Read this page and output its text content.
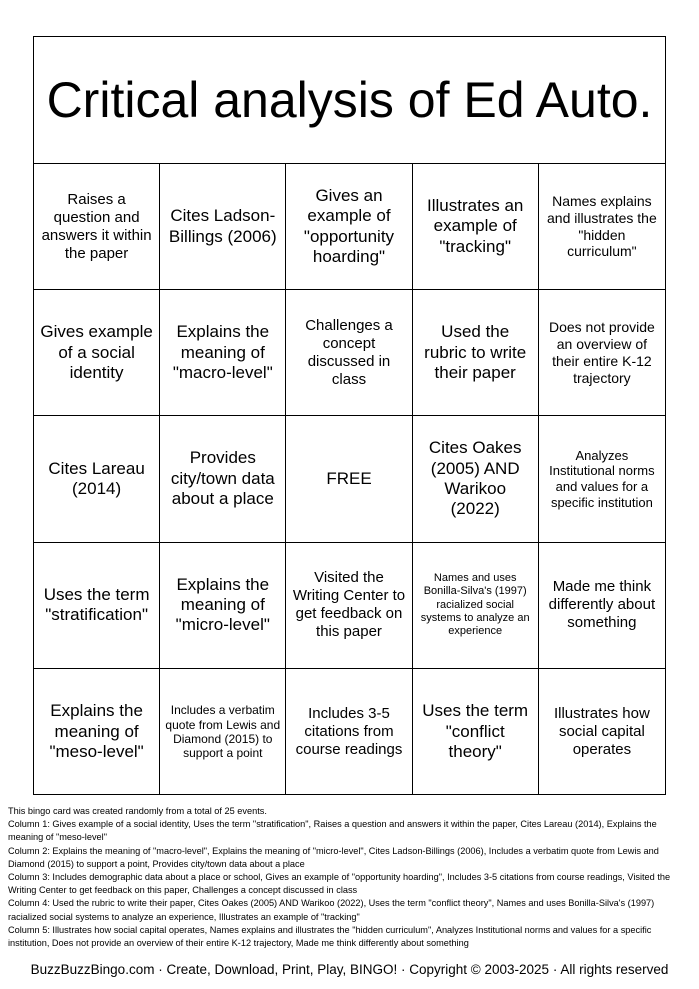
Critical analysis of Ed Auto.
Raises a question and answers it within the paper
Cites Ladson-Billings (2006)
Gives an example of "opportunity hoarding"
Illustrates an example of "tracking"
Names explains and illustrates the "hidden curriculum"
Gives example of a social identity
Explains the meaning of "macro-level"
Challenges a concept discussed in class
Used the rubric to write their paper
Does not provide an overview of their entire K-12 trajectory
Cites Lareau (2014)
Provides city/town data about a place
FREE
Cites Oakes (2005) AND Warikoo (2022)
Analyzes Institutional norms and values for a specific institution
Uses the term "stratification"
Explains the meaning of "micro-level"
Visited the Writing Center to get feedback on this paper
Names and uses Bonilla-Silva's (1997) racialized social systems to analyze an experience
Made me think differently about something
Explains the meaning of "meso-level"
Includes a verbatim quote from Lewis and Diamond (2015) to support a point
Includes 3-5 citations from course readings
Uses the term "conflict theory"
Illustrates how social capital operates

This bingo card was created randomly from a total of 25 events.

Column 1: Gives example of a social identity, Uses the term "stratification", Raises a question and answers it within the paper, Cites Lareau (2014), Explains the meaning of "meso-level"

Column 2: Explains the meaning of "macro-level", Explains the meaning of "micro-level", Cites Ladson-Billings (2006), Includes a verbatim quote from Lewis and Diamond (2015) to support a point, Provides city/town data about a place

Column 3: Includes demographic data about a place or school, Gives an example of "opportunity hoarding", Includes 3-5 citations from course readings, Visited the Writing Center to get feedback on this paper, Challenges a concept discussed in class

Column 4: Used the rubric to write their paper, Cites Oakes (2005) AND Warikoo (2022), Uses the term "conflict theory", Names and uses Bonilla-Silva's (1997) racialized social systems to analyze an experience, Illustrates an example of "tracking"

Column 5: Illustrates how social capital operates, Names explains and illustrates the "hidden curriculum", Analyzes Institutional norms and values for a specific institution, Does not provide an overview of their entire K-12 trajectory, Made me think differently about something

BuzzBuzzBingo.com · Create, Download, Print, Play, BINGO! · Copyright © 2003-2025 · All rights reserved
